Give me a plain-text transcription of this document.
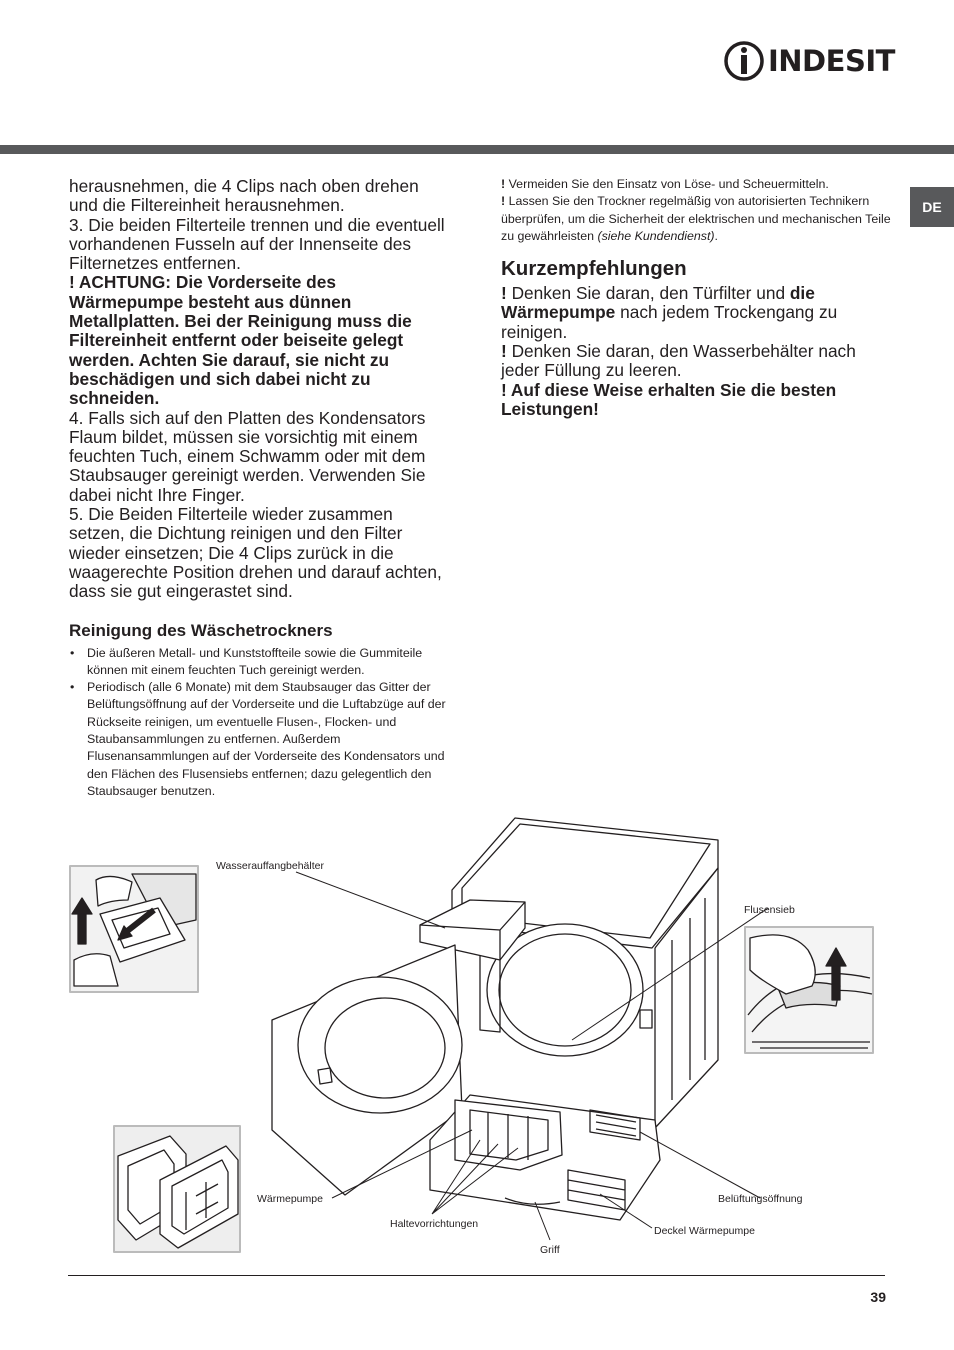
INDESIT
DE

herausnehmen, die 4 Clips nach oben drehen und die Filtereinheit herausnehmen.

3. Die beiden Filterteile trennen und die eventuell vorhandenen Fusseln auf der Innenseite des Filternetzes entfernen.

! ACHTUNG: Die Vorderseite des Wärmepumpe besteht aus dünnen Metallplatten. Bei der Reinigung muss die Filtereinheit entfernt oder beiseite gelegt werden. Achten Sie darauf, sie nicht zu beschädigen und sich dabei nicht zu schneiden.

4. Falls sich auf den Platten des Kondensators Flaum bildet, müssen sie vorsichtig mit einem feuchten Tuch, einem Schwamm oder mit dem Staubsauger gereinigt werden. Verwenden Sie dabei nicht Ihre Finger.

5. Die Beiden Filterteile wieder zusammen setzen, die Dichtung reinigen und den Filter wieder einsetzen; Die 4 Clips zurück in die waagerechte Position drehen und darauf achten, dass sie gut eingerastet sind.

Reinigung des Wäschetrockners
• Die äußeren Metall- und Kunststoffteile sowie die Gummiteile können mit einem feuchten Tuch gereinigt werden.
• Periodisch (alle 6 Monate) mit dem Staubsauger das Gitter der Belüftungsöffnung auf der Vorderseite und die Luftabzüge auf der Rückseite reinigen, um eventuelle Flusen-, Flocken- und Staubansammlungen zu entfernen. Außerdem Flusenansammlungen auf der Vorderseite des Kondensators und den Flächen des Flusensiebs entfernen; dazu gelegentlich den Staubsauger benutzen.

! Vermeiden Sie den Einsatz von Löse- und Scheuermitteln.

! Lassen Sie den Trockner regelmäßig von autorisierten Technikern überprüfen, um die Sicherheit der elektrischen und mechanischen Teile zu gewährleisten (siehe Kundendienst).

Kurzempfehlungen

! Denken Sie daran, den Türfilter und die Wärmepumpe nach jedem Trockengang zu reinigen.

! Denken Sie daran, den Wasserbehälter nach jeder Füllung zu leeren.

! Auf diese Weise erhalten Sie die besten Leistungen!

Wasserauffangbehälter
Flusensieb
Wärmepumpe
Haltevorrichtungen
Griff
Deckel Wärmepumpe
Belüftungsöffnung
39
